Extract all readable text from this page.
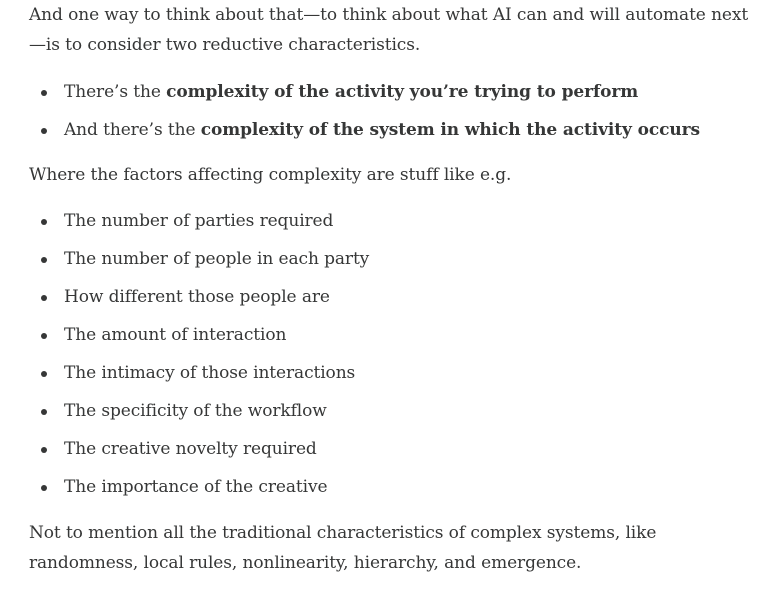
And one way to think about that—to think about what AI can and will automate next—is to consider two reductive characteristics.

There’s the complexity of the activity you’re trying to perform
And there’s the complexity of the system in which the activity occurs

Where the factors affecting complexity are stuff like e.g.

The number of parties required
The number of people in each party
How different those people are
The amount of interaction
The intimacy of those interactions
The specificity of the workflow
The creative novelty required
The importance of the creative

Not to mention all the traditional characteristics of complex systems, like randomness, local rules, nonlinearity, hierarchy, and emergence.
